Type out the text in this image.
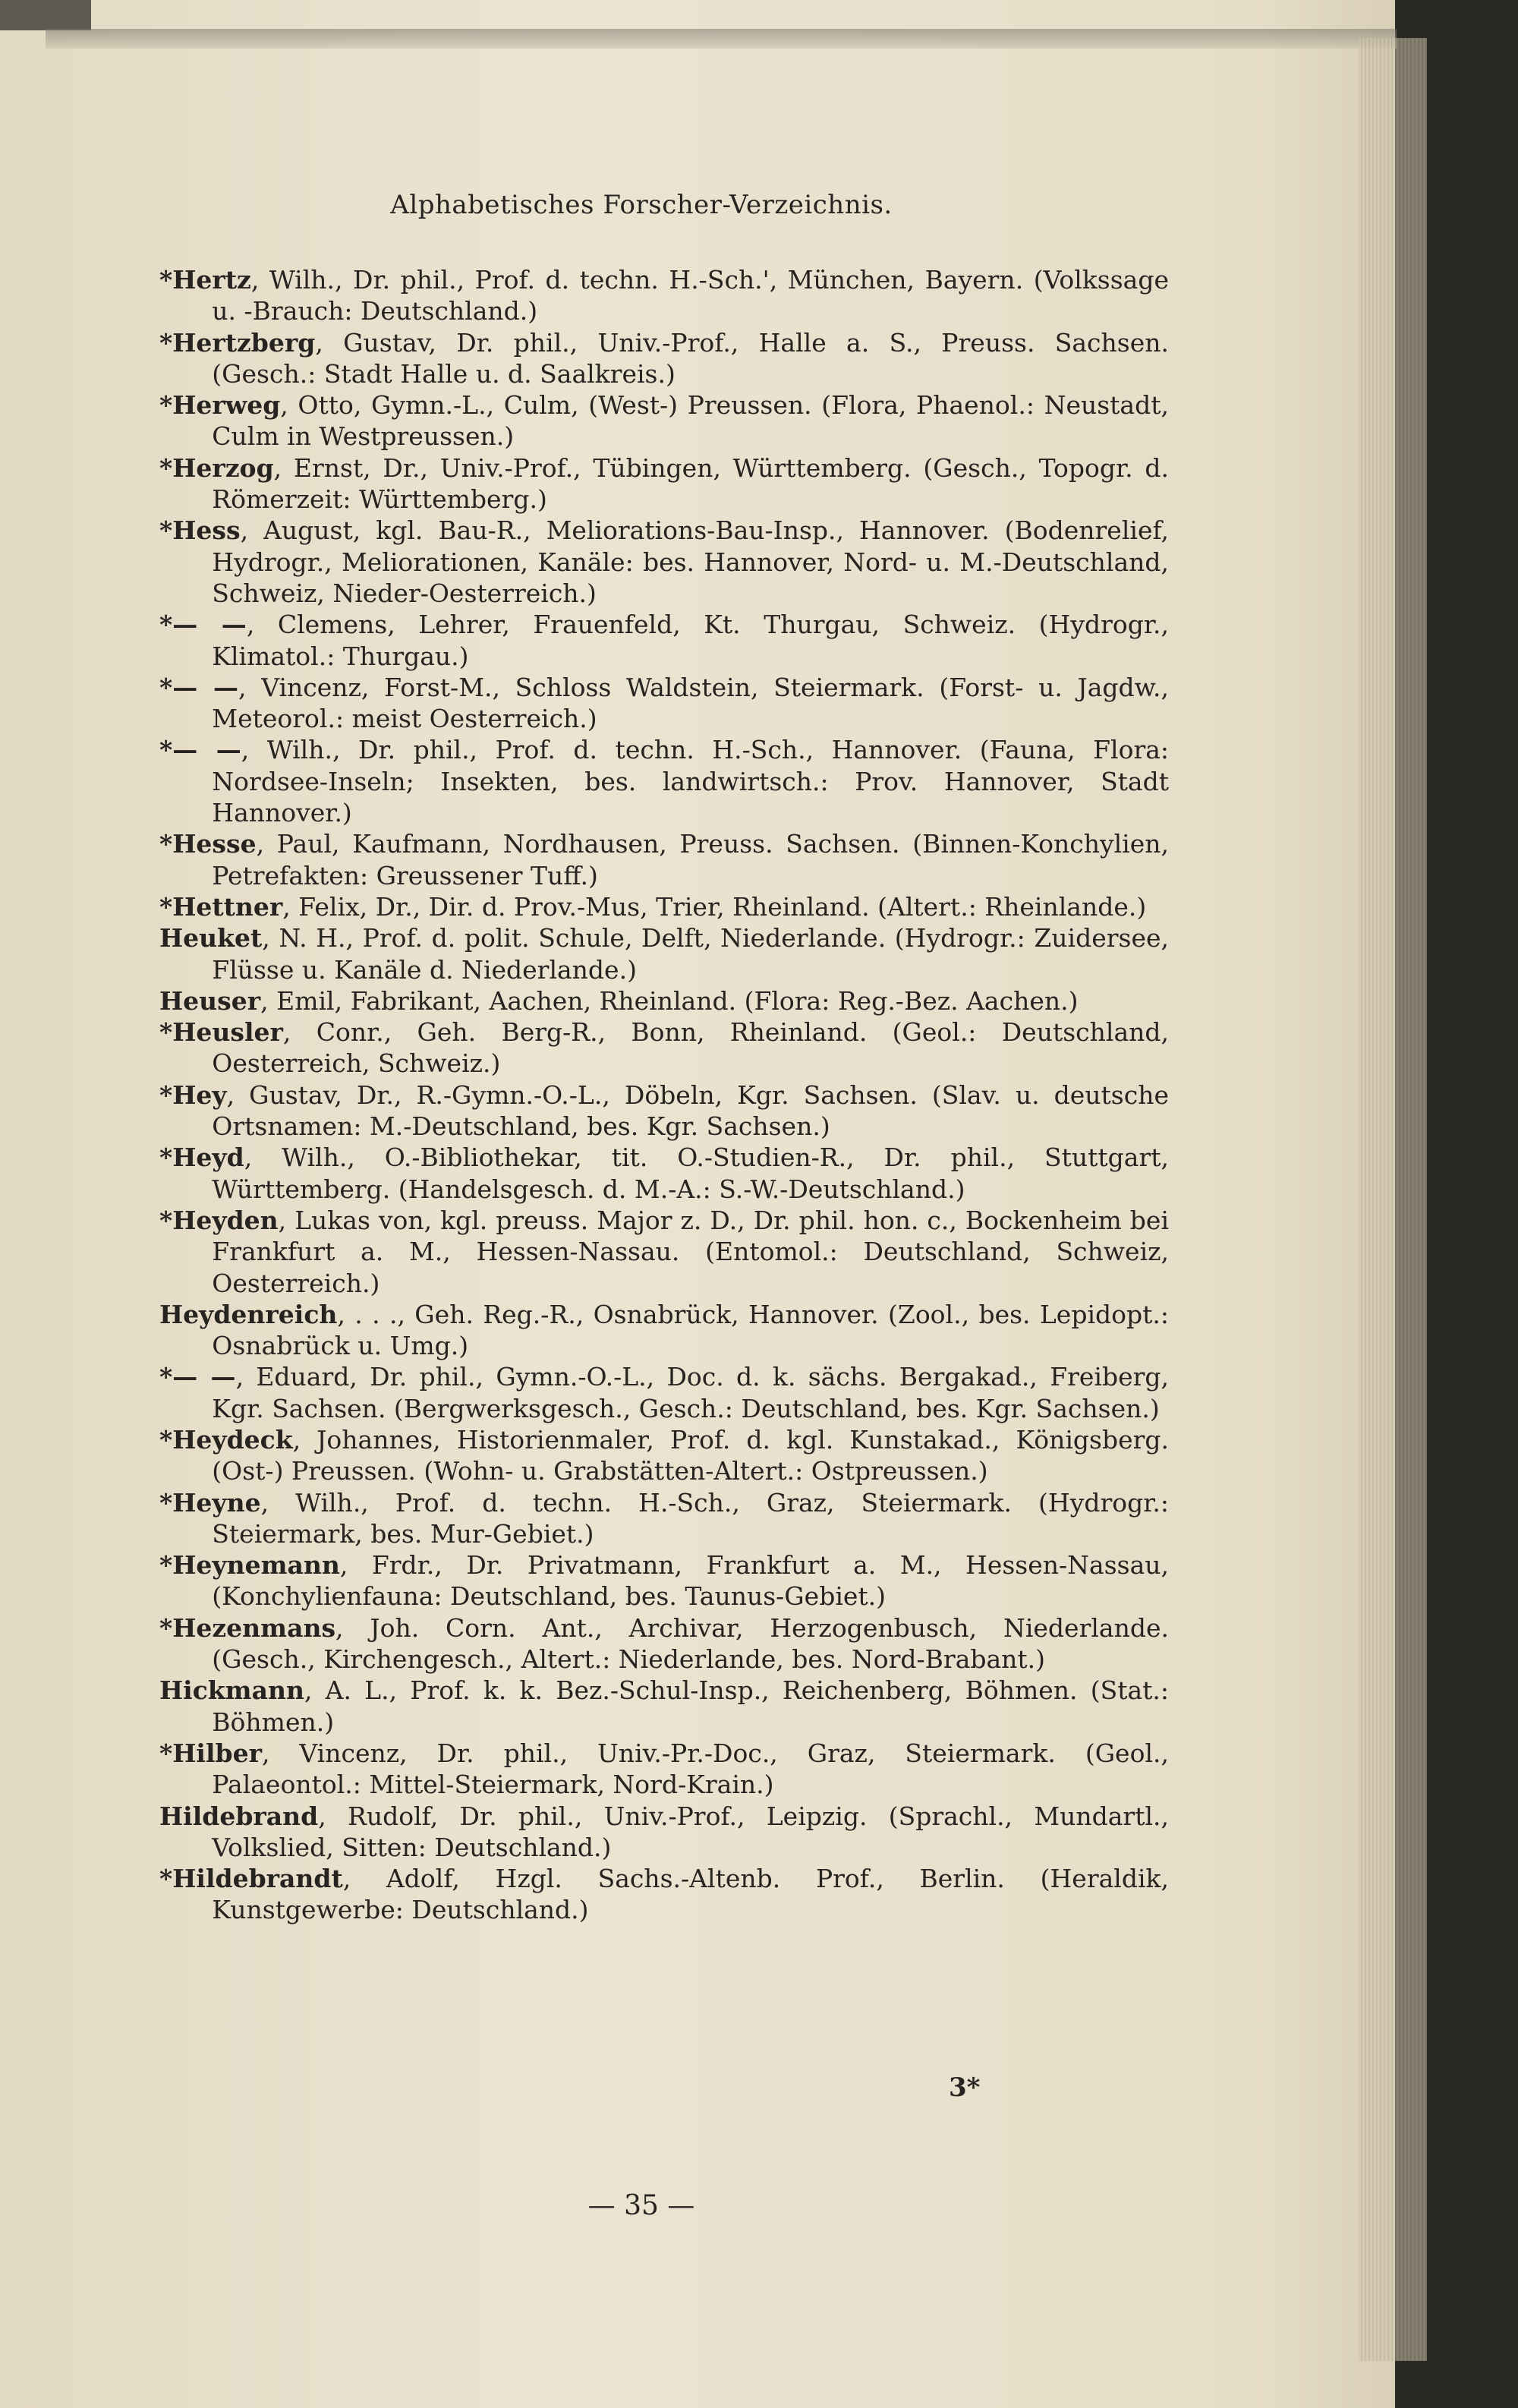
Alphabetisches Forscher-Verzeichnis.

*Hertz, Wilh., Dr. phil., Prof. d. techn. H.-Sch.', München, Bayern. (Volkssage u. -Brauch: Deutschland.)

*Hertzberg, Gustav, Dr. phil., Univ.-Prof., Halle a. S., Preuss. Sachsen. (Gesch.: Stadt Halle u. d. Saalkreis.)

*Herweg, Otto, Gymn.-L., Culm, (West-) Preussen. (Flora, Phaenol.: Neustadt, Culm in Westpreussen.)

*Herzog, Ernst, Dr., Univ.-Prof., Tübingen, Württemberg. (Gesch., Topogr. d. Römerzeit: Württemberg.)

*Hess, August, kgl. Bau-R., Meliorations-Bau-Insp., Hannover. (Bodenrelief, Hydrogr., Meliorationen, Kanäle: bes. Hannover, Nord- u. M.-Deutschland, Schweiz, Nieder-Oesterreich.)

*— —, Clemens, Lehrer, Frauenfeld, Kt. Thurgau, Schweiz. (Hydrogr., Klimatol.: Thurgau.)

*— —, Vincenz, Forst-M., Schloss Waldstein, Steiermark. (Forst- u. Jagdw., Meteorol.: meist Oesterreich.)

*— —, Wilh., Dr. phil., Prof. d. techn. H.-Sch., Hannover. (Fauna, Flora: Nordsee-Inseln; Insekten, bes. landwirtsch.: Prov. Hannover, Stadt Hannover.)

*Hesse, Paul, Kaufmann, Nordhausen, Preuss. Sachsen. (Binnen-Konchylien, Petrefakten: Greussener Tuff.)

*Hettner, Felix, Dr., Dir. d. Prov.-Mus, Trier, Rheinland. (Altert.: Rheinlande.)

Heuket, N. H., Prof. d. polit. Schule, Delft, Niederlande. (Hydrogr.: Zuidersee, Flüsse u. Kanäle d. Niederlande.)

Heuser, Emil, Fabrikant, Aachen, Rheinland. (Flora: Reg.-Bez. Aachen.)

*Heusler, Conr., Geh. Berg-R., Bonn, Rheinland. (Geol.: Deutschland, Oesterreich, Schweiz.)

*Hey, Gustav, Dr., R.-Gymn.-O.-L., Döbeln, Kgr. Sachsen. (Slav. u. deutsche Ortsnamen: M.-Deutschland, bes. Kgr. Sachsen.)

*Heyd, Wilh., O.-Bibliothekar, tit. O.-Studien-R., Dr. phil., Stuttgart, Württemberg. (Handelsgesch. d. M.-A.: S.-W.-Deutschland.)

*Heyden, Lukas von, kgl. preuss. Major z. D., Dr. phil. hon. c., Bockenheim bei Frankfurt a. M., Hessen-Nassau. (Entomol.: Deutschland, Schweiz, Oesterreich.)

Heydenreich, . . ., Geh. Reg.-R., Osnabrück, Hannover. (Zool., bes. Lepidopt.: Osnabrück u. Umg.)

*— —, Eduard, Dr. phil., Gymn.-O.-L., Doc. d. k. sächs. Bergakad., Freiberg, Kgr. Sachsen. (Bergwerksgesch., Gesch.: Deutschland, bes. Kgr. Sachsen.)

*Heydeck, Johannes, Historienmaler, Prof. d. kgl. Kunstakad., Königsberg. (Ost-) Preussen. (Wohn- u. Grabstätten-Altert.: Ostpreussen.)

*Heyne, Wilh., Prof. d. techn. H.-Sch., Graz, Steiermark. (Hydrogr.: Steiermark, bes. Mur-Gebiet.)

*Heynemann, Frdr., Dr. Privatmann, Frankfurt a. M., Hessen-Nassau, (Konchylienfauna: Deutschland, bes. Taunus-Gebiet.)

*Hezenmans, Joh. Corn. Ant., Archivar, Herzogenbusch, Niederlande. (Gesch., Kirchengesch., Altert.: Niederlande, bes. Nord-Brabant.)

Hickmann, A. L., Prof. k. k. Bez.-Schul-Insp., Reichenberg, Böhmen. (Stat.: Böhmen.)

*Hilber, Vincenz, Dr. phil., Univ.-Pr.-Doc., Graz, Steiermark. (Geol., Palaeontol.: Mittel-Steiermark, Nord-Krain.)

Hildebrand, Rudolf, Dr. phil., Univ.-Prof., Leipzig. (Sprachl., Mundartl., Volkslied, Sitten: Deutschland.)

*Hildebrandt, Adolf, Hzgl. Sachs.-Altenb. Prof., Berlin. (Heraldik, Kunstgewerbe: Deutschland.)

3*
— 35 —
